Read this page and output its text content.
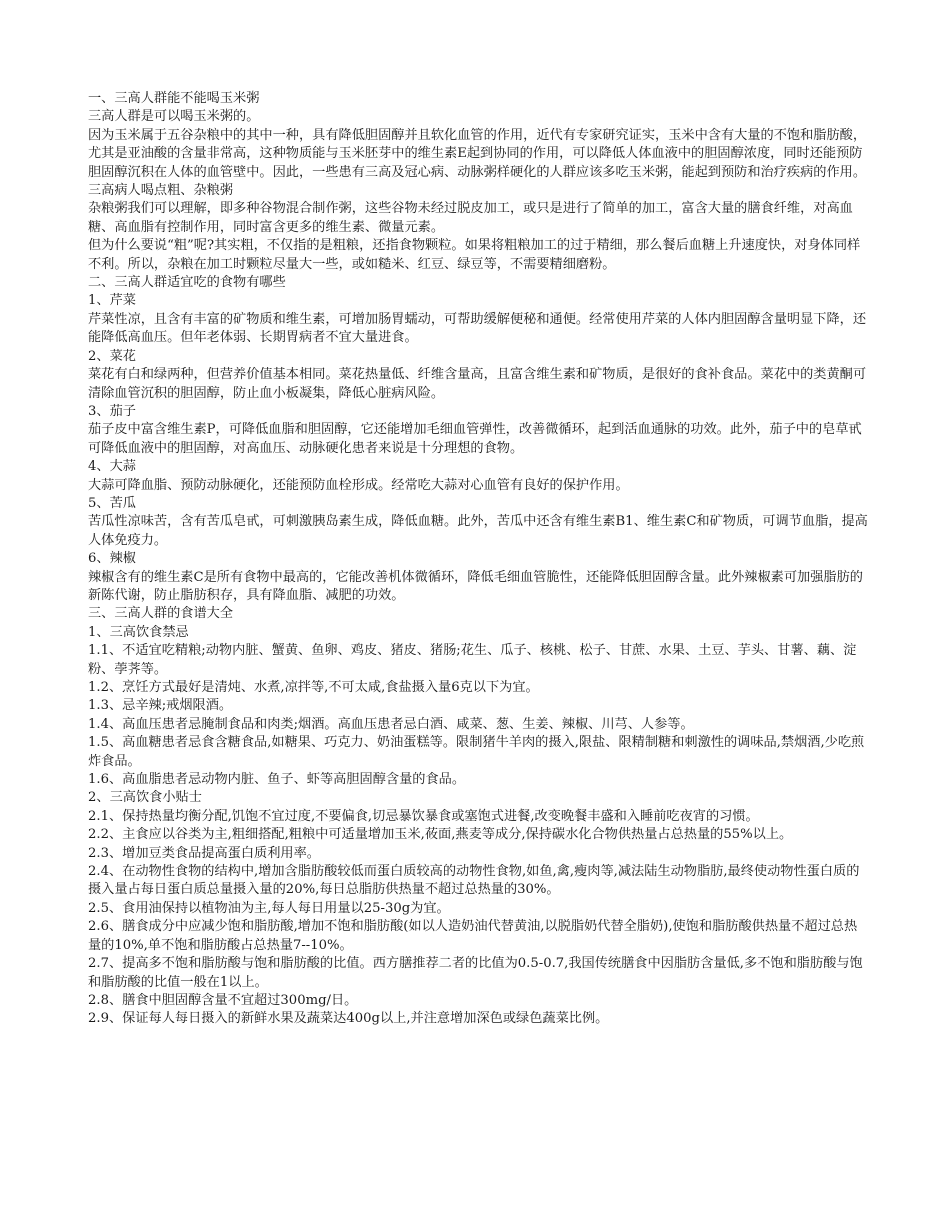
一、三高人群能不能喝玉米粥

三高人群是可以喝玉米粥的。

因为玉米属于五谷杂粮中的其中一种，具有降低胆固醇并且软化血管的作用，近代有专家研究证实，玉米中含有大量的不饱和脂肪酸，尤其是亚油酸的含量非常高，这种物质能与玉米胚芽中的维生素E起到协同的作用，可以降低人体血液中的胆固醇浓度，同时还能预防胆固醇沉积在人体的血管壁中。因此，一些患有三高及冠心病、动脉粥样硬化的人群应该多吃玉米粥，能起到预防和治疗疾病的作用。

三高病人喝点粗、杂粮粥

杂粮粥我们可以理解，即多种谷物混合制作粥，这些谷物未经过脱皮加工，或只是进行了简单的加工，富含大量的膳食纤维，对高血糖、高血脂有控制作用，同时富含更多的维生素、微量元素。

但为什么要说“粗”呢?其实粗，不仅指的是粗粮，还指食物颗粒。如果将粗粮加工的过于精细，那么餐后血糖上升速度快，对身体同样不利。所以，杂粮在加工时颗粒尽量大一些，或如糙米、红豆、绿豆等，不需要精细磨粉。

二、三高人群适宜吃的食物有哪些

1、芹菜

芹菜性凉，且含有丰富的矿物质和维生素，可增加肠胃蠕动，可帮助缓解便秘和通便。经常使用芹菜的人体内胆固醇含量明显下降，还能降低高血压。但年老体弱、长期胃病者不宜大量进食。

2、菜花

菜花有白和绿两种，但营养价值基本相同。菜花热量低、纤维含量高，且富含维生素和矿物质，是很好的食补食品。菜花中的类黄酮可清除血管沉积的胆固醇，防止血小板凝集，降低心脏病风险。

3、茄子

茄子皮中富含维生素P，可降低血脂和胆固醇，它还能增加毛细血管弹性，改善微循环，起到活血通脉的功效。此外，茄子中的皂草甙可降低血液中的胆固醇，对高血压、动脉硬化患者来说是十分理想的食物。

4、大蒜

大蒜可降血脂、预防动脉硬化，还能预防血栓形成。经常吃大蒜对心血管有良好的保护作用。

5、苦瓜

苦瓜性凉味苦，含有苦瓜皂甙，可刺激胰岛素生成，降低血糖。此外，苦瓜中还含有维生素B1、维生素C和矿物质，可调节血脂，提高人体免疫力。

6、辣椒

辣椒含有的维生素C是所有食物中最高的，它能改善机体微循环，降低毛细血管脆性，还能降低胆固醇含量。此外辣椒素可加强脂肪的新陈代谢，防止脂肪积存，具有降血脂、减肥的功效。

三、三高人群的食谱大全

1、三高饮食禁忌

1.1、不适宜吃精粮;动物内脏、蟹黄、鱼卵、鸡皮、猪皮、猪肠;花生、瓜子、核桃、松子、甘蔗、水果、土豆、芋头、甘薯、藕、淀粉、荸荠等。

1.2、烹饪方式最好是清炖、水煮,凉拌等,不可太咸,食盐摄入量6克以下为宜。

1.3、忌辛辣;戒烟限酒。

1.4、高血压患者忌腌制食品和肉类;烟酒。高血压患者忌白酒、咸菜、葱、生姜、辣椒、川芎、人参等。

1.5、高血糖患者忌食含糖食品,如糖果、巧克力、奶油蛋糕等。限制猪牛羊肉的摄入,限盐、限精制糖和刺激性的调味品,禁烟酒,少吃煎炸食品。

1.6、高血脂患者忌动物内脏、鱼子、虾等高胆固醇含量的食品。

2、三高饮食小贴士

2.1、保持热量均衡分配,饥饱不宜过度,不要偏食,切忌暴饮暴食或塞饱式进餐,改变晚餐丰盛和入睡前吃夜宵的习惯。

2.2、主食应以谷类为主,粗细搭配,粗粮中可适量增加玉米,莜面,燕麦等成分,保持碳水化合物供热量占总热量的55%以上。

2.3、增加豆类食品提高蛋白质利用率。

2.4、在动物性食物的结构中,增加含脂肪酸较低而蛋白质较高的动物性食物,如鱼,禽,瘦肉等,减法陆生动物脂肪,最终使动物性蛋白质的摄入量占每日蛋白质总量摄入量的20%,每日总脂肪供热量不超过总热量的30%。

2.5、食用油保持以植物油为主,每人每日用量以25-30g为宜。

2.6、膳食成分中应减少饱和脂肪酸,增加不饱和脂肪酸(如以人造奶油代替黄油,以脱脂奶代替全脂奶),使饱和脂肪酸供热量不超过总热量的10%,单不饱和脂肪酸占总热量7--10%。

2.7、提高多不饱和脂肪酸与饱和脂肪酸的比值。西方膳推荐二者的比值为0.5-0.7,我国传统膳食中因脂肪含量低,多不饱和脂肪酸与饱和脂肪酸的比值一般在1以上。

2.8、膳食中胆固醇含量不宜超过300mg/日。

2.9、保证每人每日摄入的新鲜水果及蔬菜达400g以上,并注意增加深色或绿色蔬菜比例。
